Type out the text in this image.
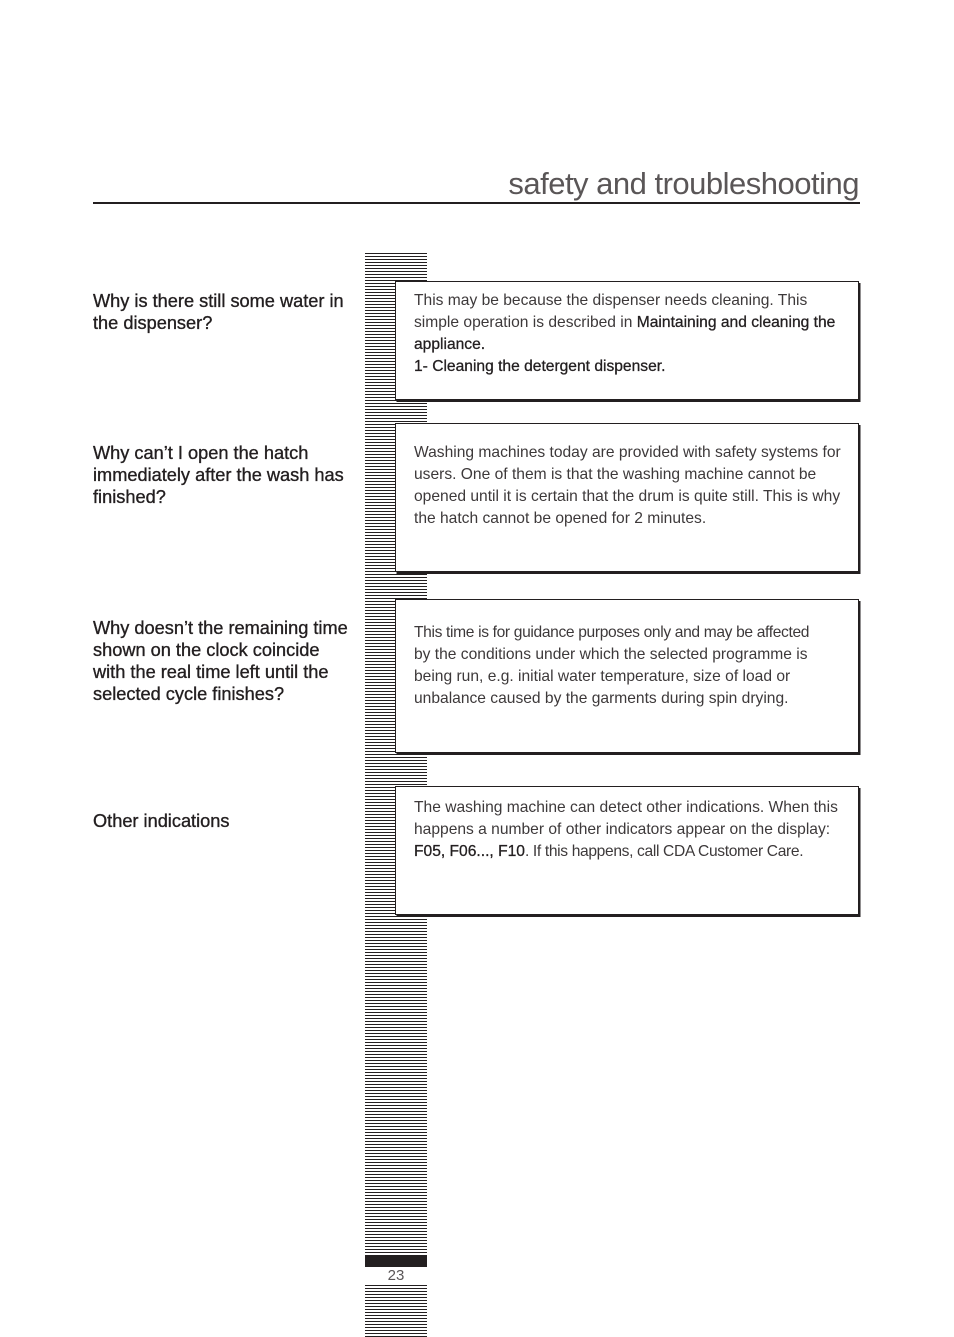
safety and troubleshooting
23
Why is there still some water in the dispenser?

This may be because the dispenser needs cleaning. This simple operation is described in Maintaining and cleaning the appliance.

1- Cleaning the detergent dispenser.

Why can’t I open the hatch immediately after the wash has finished?

Washing machines today are provided with safety systems for users. One of them is that the washing machine cannot be opened until it is certain that the drum is quite still. This is why the hatch cannot be opened for 2 minutes.

Why doesn’t the remaining time shown on the clock coincide with the real time left until the selected cycle finishes?

This time is for guidance purposes only and may be affected
by the conditions under which the selected programme is being run, e.g. initial water temperature, size of load or unbalance caused by the garments during spin drying.

Other indications

The washing machine can detect other indications. When this happens a number of other indicators appear on the display: F05, F06..., F10. If this happens, call CDA Customer Care.
